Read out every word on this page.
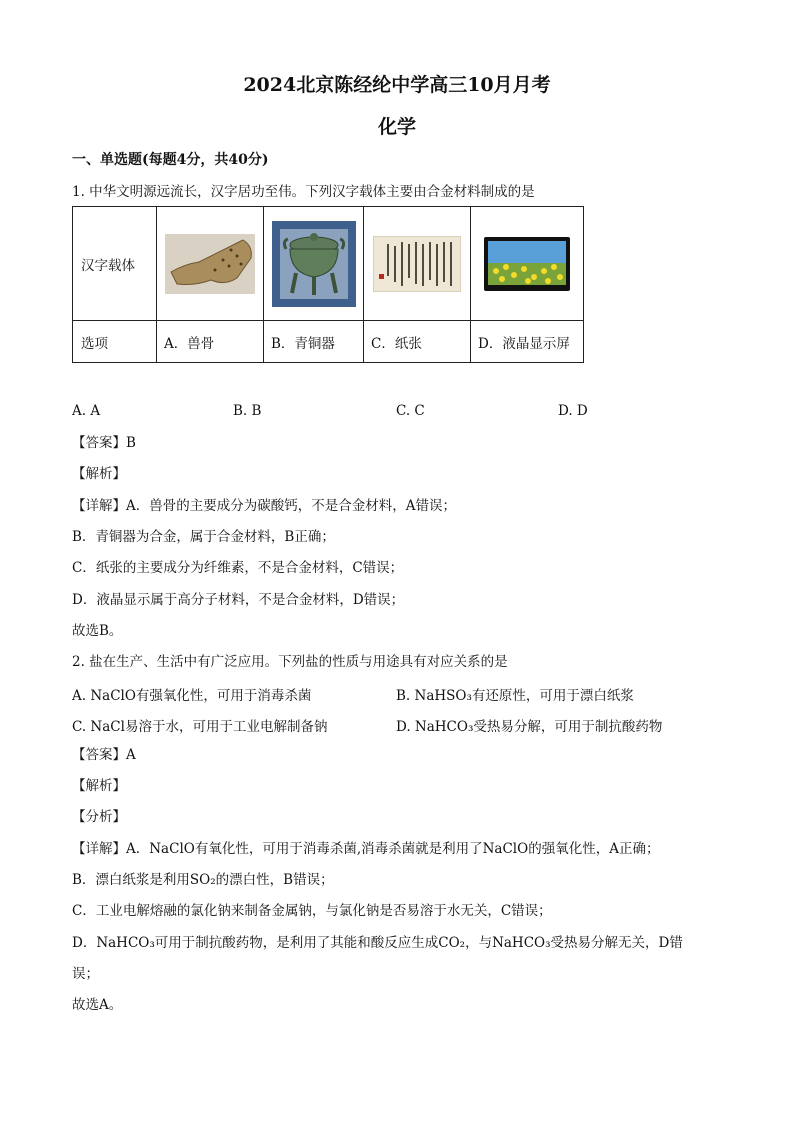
2024北京陈经纶中学高三10月月考
化学
一、单选题(每题4分，共40分)
1. 中华文明源远流长，汉字居功至伟。下列汉字载体主要由合金材料制成的是
汉字载体	

选项	A．兽骨	B．青铜器	C．纸张	D．液晶显示屏
A. A	B. B	C. C	D. D
【答案】B
【解析】
【详解】A．兽骨的主要成分为碳酸钙，不是合金材料，A错误；
B．青铜器为合金，属于合金材料，B正确；
C．纸张的主要成分为纤维素，不是合金材料，C错误；
D．液晶显示属于高分子材料，不是合金材料，D错误；
故选B。
2. 盐在生产、生活中有广泛应用。下列盐的性质与用途具有对应关系的是
A. NaClO有强氧化性，可用于消毒杀菌	B. NaHSO₃有还原性，可用于漂白纸浆
C. NaCl易溶于水，可用于工业电解制备钠	D. NaHCO₃受热易分解，可用于制抗酸药物
【答案】A
【解析】
【分析】
【详解】A．NaClO有氧化性，可用于消毒杀菌,消毒杀菌就是利用了NaClO的强氧化性，A正确；
B．漂白纸浆是利用SO₂的漂白性，B错误；
C．工业电解熔融的氯化钠来制备金属钠，与氯化钠是否易溶于水无关，C错误；
D．NaHCO₃可用于制抗酸药物，是利用了其能和酸反应生成CO₂，与NaHCO₃受热易分解无关，D错
误；
故选A。
